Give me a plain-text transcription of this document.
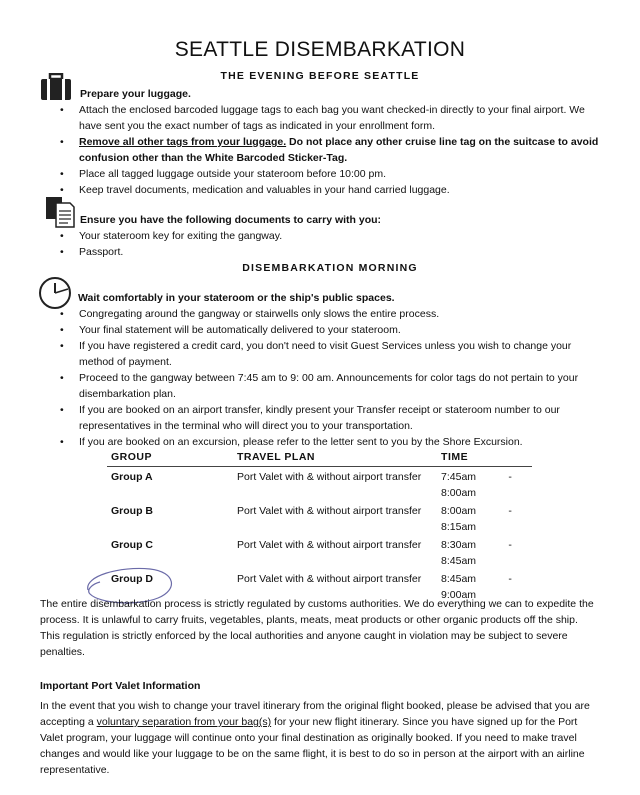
SEATTLE DISEMBARKATION
THE EVENING BEFORE SEATTLE
Prepare your luggage.
•	Attach the enclosed barcoded luggage tags to each bag you want checked-in directly to your final airport. We have sent you the exact number of tags as indicated in your enrollment form.
•	Remove all other tags from your luggage. Do not place any other cruise line tag on the suitcase to avoid confusion other than the White Barcoded Sticker-Tag.
•	Place all tagged luggage outside your stateroom before 10:00 pm.
•	Keep travel documents, medication and valuables in your hand carried luggage.
Ensure you have the following documents to carry with you:
•	Your stateroom key for exiting the gangway.
•	Passport.
DISEMBARKATION MORNING
Wait comfortably in your stateroom or the ship's public spaces.
•	Congregating around the gangway or stairwells only slows the entire process.
•	Your final statement will be automatically delivered to your stateroom.
•	If you have registered a credit card, you don't need to visit Guest Services unless you wish to change your method of payment.
•	Proceed to the gangway between 7:45 am to 9: 00 am. Announcements for color tags do not pertain to your disembarkation plan.
•	If you are booked on an airport transfer, kindly present your Transfer receipt or stateroom number to our representatives in the terminal who will direct you to your transportation.
•	If you are booked on an excursion, please refer to the letter sent to you by the Shore Excursion.
GROUP	TRAVEL PLAN	TIME	
Group A	Port Valet with & without airport transfer	7:45am
8:00am	-
Group B	Port Valet with & without airport transfer	8:00am
8:15am	-
Group C	Port Valet with & without airport transfer	8:30am
8:45am	-
Group D	Port Valet with & without airport transfer	8:45am
9:00am	-
The entire disembarkation process is strictly regulated by customs authorities. We do everything we can to expedite the process. It is unlawful to carry fruits, vegetables, plants, meats, meat products or other organic products off the ship. This regulation is strictly enforced by the local authorities and anyone caught in violation may be subject to severe penalties.
Important Port Valet Information
In the event that you wish to change your travel itinerary from the original flight booked, please be advised that you are accepting a voluntary separation from your bag(s) for your new flight itinerary. Since you have signed up for the Port Valet program, your luggage will continue onto your final destination as originally booked. If you need to make travel changes and would like your luggage to be on the same flight, it is best to do so in person at the airport with an airline representative.
